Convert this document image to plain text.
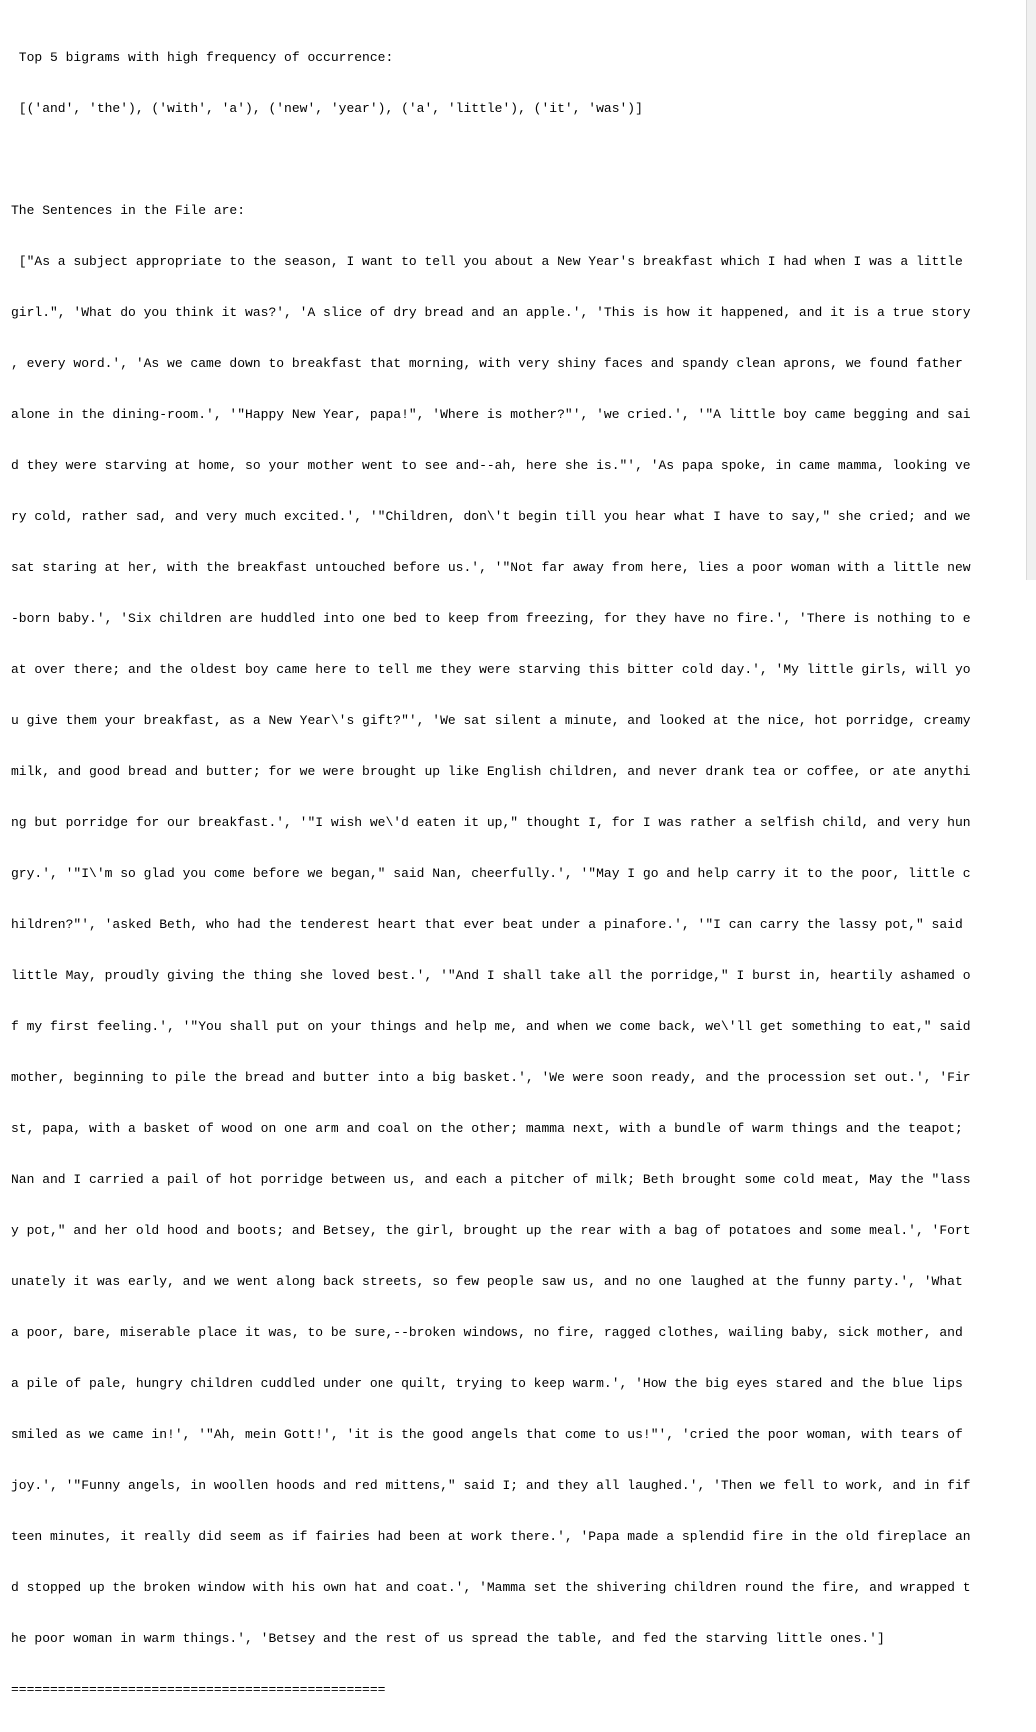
Top 5 bigrams with high frequency of occurrence:

[('and', 'the'), ('with', 'a'), ('new', 'year'), ('a', 'little'), ('it', 'was')]

The Sentences in the File are:

["As a subject appropriate to the season, I want to tell you about a New Year's breakfast which I had when I was a little

girl.", 'What do you think it was?', 'A slice of dry bread and an apple.', 'This is how it happened, and it is a true story

, every word.', 'As we came down to breakfast that morning, with very shiny faces and spandy clean aprons, we found father

alone in the dining-room.', '"Happy New Year, papa!", 'Where is mother?"', 'we cried.', '"A little boy came begging and sai

d they were starving at home, so your mother went to see and--ah, here she is."', 'As papa spoke, in came mamma, looking ve

ry cold, rather sad, and very much excited.', '"Children, don\'t begin till you hear what I have to say," she cried; and we

sat staring at her, with the breakfast untouched before us.', '"Not far away from here, lies a poor woman with a little new

-born baby.', 'Six children are huddled into one bed to keep from freezing, for they have no fire.', 'There is nothing to e

at over there; and the oldest boy came here to tell me they were starving this bitter cold day.', 'My little girls, will yo

u give them your breakfast, as a New Year\'s gift?"', 'We sat silent a minute, and looked at the nice, hot porridge, creamy

milk, and good bread and butter; for we were brought up like English children, and never drank tea or coffee, or ate anythi

ng but porridge for our breakfast.', '"I wish we\'d eaten it up," thought I, for I was rather a selfish child, and very hun

gry.', '"I\'m so glad you come before we began," said Nan, cheerfully.', '"May I go and help carry it to the poor, little c

hildren?"', 'asked Beth, who had the tenderest heart that ever beat under a pinafore.', '"I can carry the lassy pot," said

little May, proudly giving the thing she loved best.', '"And I shall take all the porridge," I burst in, heartily ashamed o

f my first feeling.', '"You shall put on your things and help me, and when we come back, we\'ll get something to eat," said

mother, beginning to pile the bread and butter into a big basket.', 'We were soon ready, and the procession set out.', 'Fir

st, papa, with a basket of wood on one arm and coal on the other; mamma next, with a bundle of warm things and the teapot;

Nan and I carried a pail of hot porridge between us, and each a pitcher of milk; Beth brought some cold meat, May the "lass

y pot," and her old hood and boots; and Betsey, the girl, brought up the rear with a bag of potatoes and some meal.', 'Fort

unately it was early, and we went along back streets, so few people saw us, and no one laughed at the funny party.', 'What

a poor, bare, miserable place it was, to be sure,--broken windows, no fire, ragged clothes, wailing baby, sick mother, and

a pile of pale, hungry children cuddled under one quilt, trying to keep warm.', 'How the big eyes stared and the blue lips

smiled as we came in!', '"Ah, mein Gott!', 'it is the good angels that come to us!"', 'cried the poor woman, with tears of

joy.', '"Funny angels, in woollen hoods and red mittens," said I; and they all laughed.', 'Then we fell to work, and in fif

teen minutes, it really did seem as if fairies had been at work there.', 'Papa made a splendid fire in the old fireplace an

d stopped up the broken window with his own hat and coat.', 'Mamma set the shivering children round the fire, and wrapped t

he poor woman in warm things.', 'Betsey and the rest of us spread the table, and fed the starving little ones.']

================================================
